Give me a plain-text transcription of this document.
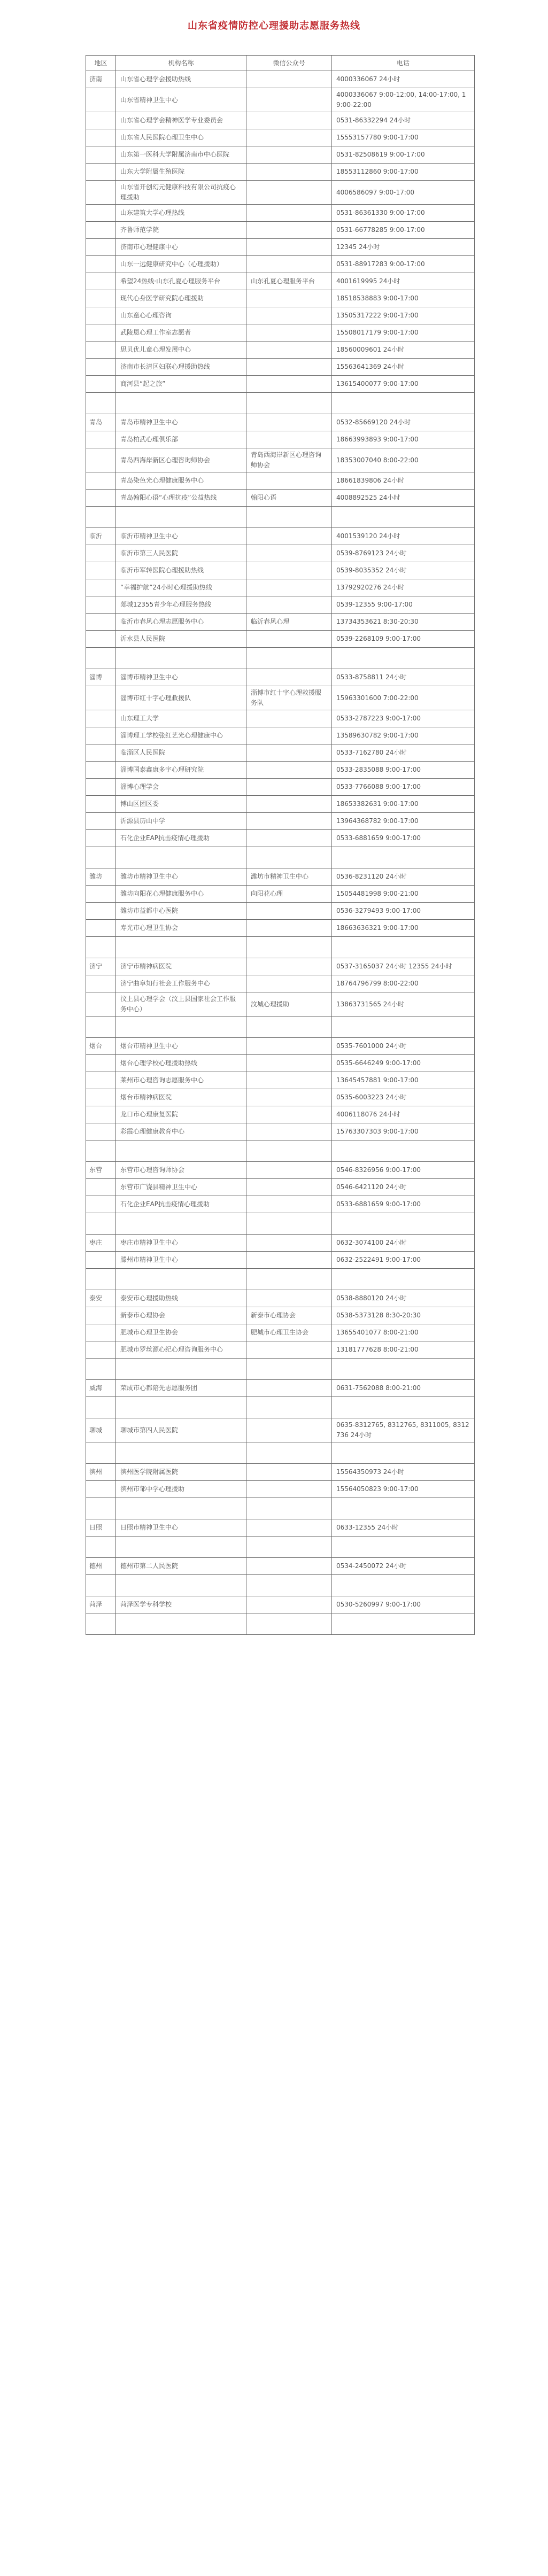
山东省疫情防控心理援助志愿服务热线
地区	机构名称	微信公众号	电话
济南	山东省心理学会援助热线		4000336067 24小时
	山东省精神卫生中心		4000336067 9:00-12:00, 14:00-17:00, 19:00-22:00
	山东省心理学会精神医学专业委员会		0531-86332294 24小时
	山东省人民医院心理卫生中心		15553157780 9:00-17:00
	山东第一医科大学附属济南市中心医院		0531-82508619 9:00-17:00
	山东大学附属生殖医院		18553112860 9:00-17:00
	山东省开创幻元健康科技有限公司抗疫心理援助		4006586097 9:00-17:00
	山东建筑大学心理热线		0531-86361330 9:00-17:00
	齐鲁师范学院		0531-66778285 9:00-17:00
	济南市心理健康中心		12345 24小时
	山东一远健康研究中心（心理援助）		0531-88917283 9:00-17:00
	希望24热线·山东孔夏心理服务平台	山东孔夏心理服务平台	4001619995 24小时
	现代心身医学研究院心理援助		18518538883 9:00-17:00
	山东童心心理咨询		13505317222 9:00-17:00
	武陵恩心理工作室志愿者		15508017179 9:00-17:00
	思贝优儿童心理发展中心		18560009601 24小时
	济南市长清区妇联心理援助热线		15563641369 24小时
	商河县“起之旅”		13615400077 9:00-17:00

青岛	青岛市精神卫生中心		0532-85669120 24小时
	青岛柏武心理俱乐部		18663993893 9:00-17:00
	青岛西海岸新区心理咨询师协会	青岛西海岸新区心理咨询师协会	18353007040 8:00-22:00
	青岛染色光心理健康服务中心		18661839806 24小时
	青岛翰阳心语“心理抗疫”公益热线	翰阳心语	4008892525 24小时

临沂	临沂市精神卫生中心		4001539120 24小时
	临沂市第三人民医院		0539-8769123 24小时
	临沂市军转医院心理援助热线		0539-8035352 24小时
	“幸福护航”24小时心理援助热线		13792920276 24小时
	郯城12355青少年心理服务热线		0539-12355 9:00-17:00
	临沂市春风心理志愿服务中心	临沂春风心理	13734353621 8:30-20:30
	沂水县人民医院		0539-2268109 9:00-17:00

淄博	淄博市精神卫生中心		0533-8758811 24小时
	淄博市红十字心理救援队	淄博市红十字心理救援服务队	15963301600 7:00-22:00
	山东理工大学		0533-2787223 9:00-17:00
	淄博理工学校张红艺光心理健康中心		13589630782 9:00-17:00
	临淄区人民医院		0533-7162780 24小时
	淄博国泰鑫康多宇心理研究院		0533-2835088 9:00-17:00
	淄博心理学会		0533-7766088 9:00-17:00
	博山区团区委		18653382631 9:00-17:00
	沂源县历山中学		13964368782 9:00-17:00
	石化企业EAP抗击疫情心理援助		0533-6881659 9:00-17:00

潍坊	潍坊市精神卫生中心	潍坊市精神卫生中心	0536-8231120 24小时
	潍坊向阳花心理健康服务中心	向阳花心理	15054481998 9:00-21:00
	潍坊市益都中心医院		0536-3279493 9:00-17:00
	寿光市心理卫生协会		18663636321 9:00-17:00

济宁	济宁市精神病医院		0537-3165037 24小时 12355 24小时
	济宁曲阜知行社会工作服务中心		18764796799 8:00-22:00
	汶上县心理学会（汶上县国家社会工作服务中心）	汶城心理援助	13863731565 24小时

烟台	烟台市精神卫生中心		0535-7601000 24小时
	烟台心理学校心理援助热线		0535-6646249 9:00-17:00
	莱州市心理咨询志愿服务中心		13645457881 9:00-17:00
	烟台市精神病医院		0535-6003223 24小时
	龙口市心理康复医院		4006118076 24小时
	彩霞心理健康教育中心		15763307303 9:00-17:00

东营	东营市心理咨询师协会		0546-8326956 9:00-17:00
	东营市广饶县精神卫生中心		0546-6421120 24小时
	石化企业EAP抗击疫情心理援助		0533-6881659 9:00-17:00

枣庄	枣庄市精神卫生中心		0632-3074100 24小时
	滕州市精神卫生中心		0632-2522491 9:00-17:00

泰安	泰安市心理援助热线		0538-8880120 24小时
	新泰市心理协会	新泰市心理协会	0538-5373128 8:30-20:30
	肥城市心理卫生协会	肥城市心理卫生协会	13655401077 8:00-21:00
	肥城市罗丝源心纪心理咨询服务中心		13181777628 8:00-21:00

威海	荣成市心都陪先志愿服务团		0631-7562088 8:00-21:00

聊城	聊城市第四人民医院		0635-8312765, 8312765, 8311005, 8312736 24小时

滨州	滨州医学院附属医院		15564350973 24小时
	滨州市邹中学心理援助		15564050823 9:00-17:00

日照	日照市精神卫生中心		0633-12355 24小时

德州	德州市第二人民医院		0534-2450072 24小时

菏泽	菏泽医学专科学校		0530-5260997 9:00-17:00
